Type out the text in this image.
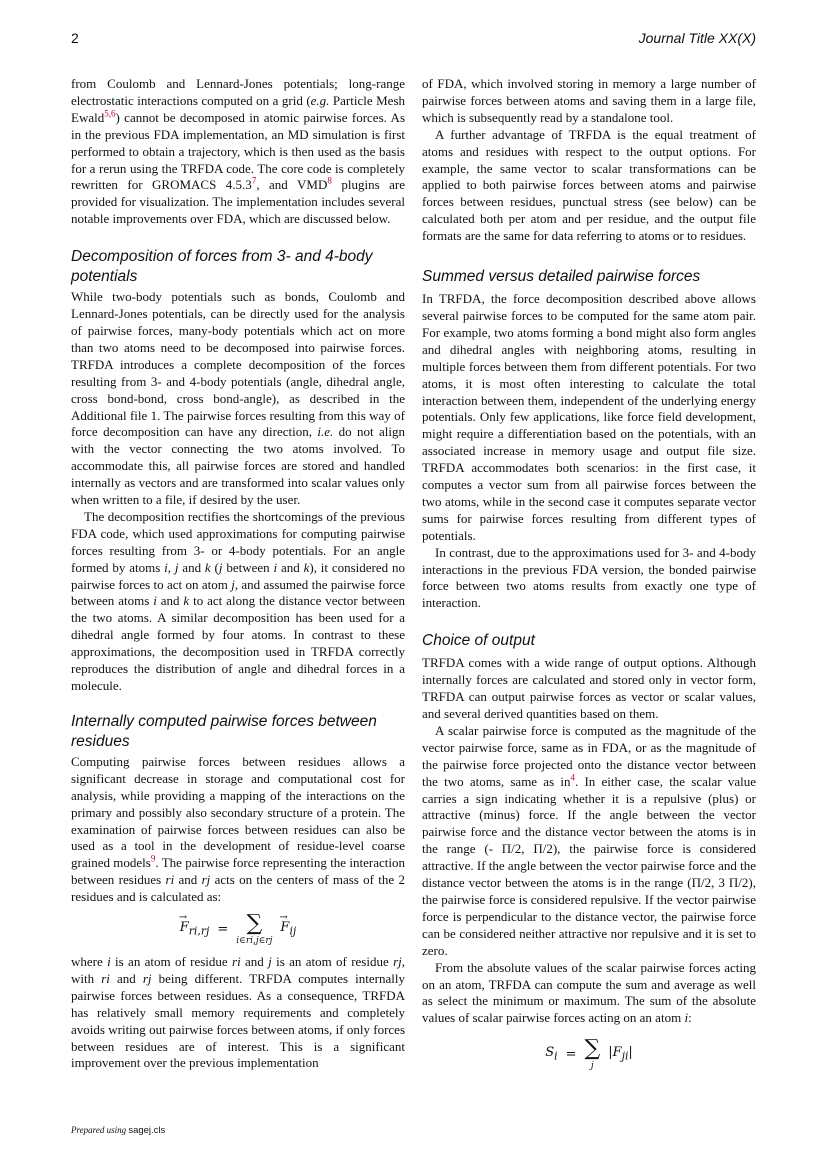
2	Journal Title XX(X)

from Coulomb and Lennard-Jones potentials; long-range electrostatic interactions computed on a grid (e.g. Particle Mesh Ewald$^{5,6}$) cannot be decomposed in atomic pairwise forces. As in the previous FDA implementation, an MD simulation is first performed to obtain a trajectory, which is then used as the basis for a rerun using the TRFDA code. The core code is completely rewritten for GROMACS 4.5.3$^7$, and VMD$^8$ plugins are provided for visualization. The implementation includes several notable improvements over FDA, which are discussed below.

Decomposition of forces from 3- and 4-body potentials

While two-body potentials such as bonds, Coulomb and Lennard-Jones potentials, can be directly used for the analysis of pairwise forces, many-body potentials which act on more than two atoms need to be decomposed into pairwise forces. TRFDA introduces a complete decomposition of the forces resulting from 3- and 4-body potentials (angle, dihedral angle, cross bond-bond, cross bond-angle), as described in the Additional file 1. The pairwise forces resulting from this way of force decomposition can have any direction, i.e. do not align with the vector connecting the two atoms involved. To accommodate this, all pairwise forces are stored and handled internally as vectors and are transformed into scalar values only when written to a file, if desired by the user.

The decomposition rectifies the shortcomings of the previous FDA code, which used approximations for computing pairwise forces resulting from 3- or 4-body potentials. For an angle formed by atoms i, j and k (j between i and k), it considered no pairwise forces to act on atom j, and assumed the pairwise force between atoms i and k to act along the distance vector between the two atoms. A similar decomposition has been used for a dihedral angle formed by four atoms. In contrast to these approximations, the decomposition used in TRFDA correctly reproduces the distribution of angle and dihedral forces in a molecule.

Internally computed pairwise forces between residues

Computing pairwise forces between residues allows a significant decrease in storage and computational cost for analysis, while providing a mapping of the interactions on the primary and possibly also secondary structure of a protein. The examination of pairwise forces between residues can also be used as a tool in the development of residue-level coarse grained models$^9$. The pairwise force representing the interaction between residues ri and rj acts on the centers of mass of the 2 residues and is calculated as:

→ $F_{ri,rj}$	=	∑
i∈ri,j∈rj
	→ $F_{ij}$

where i is an atom of residue ri and j is an atom of residue rj, with ri and rj being different. TRFDA computes internally pairwise forces between residues. As a consequence, TRFDA has relatively small memory requirements and completely avoids writing out pairwise forces between atoms, if only forces between residues are of interest. This is a significant improvement over the previous implementation

of FDA, which involved storing in memory a large number of pairwise forces between atoms and saving them in a large file, which is subsequently read by a standalone tool.

A further advantage of TRFDA is the equal treatment of atoms and residues with respect to the output options. For example, the same vector to scalar transformations can be applied to both pairwise forces between atoms and pairwise forces between residues, punctual stress (see below) can be calculated both per atom and per residue, and the output file formats are the same for data referring to atoms or to residues.

Summed versus detailed pairwise forces

In TRFDA, the force decomposition described above allows several pairwise forces to be computed for the same atom pair. For example, two atoms forming a bond might also form angles and dihedral angles with neighboring atoms, resulting in multiple forces between them from different potentials. For two atoms, it is most often interesting to calculate the total interaction between them, independent of the underlying energy potentials. Only few applications, like force field development, might require a differentiation based on the potentials, with an associated increase in memory usage and output file size. TRFDA accommodates both scenarios: in the first case, it computes a vector sum from all pairwise forces between the two atoms, while in the second case it computes separate vector sums for pairwise forces resulting from different types of potentials.

In contrast, due to the approximations used for 3- and 4-body interactions in the previous FDA version, the bonded pairwise force between two atoms results from exactly one type of interaction.

Choice of output

TRFDA comes with a wide range of output options. Although internally forces are calculated and stored only in vector form, TRFDA can output pairwise forces as vector or scalar values, and several derived quantities based on them.

A scalar pairwise force is computed as the magnitude of the vector pairwise force, same as in FDA, or as the magnitude of the pairwise force projected onto the distance vector between the two atoms, same as in$^4$. In either case, the scalar value carries a sign indicating whether it is a repulsive (plus) or attractive (minus) force. If the angle between the vector pairwise force and the distance vector between the atoms is in the range (- Π/2, Π/2), the pairwise force is considered attractive. If the angle between the vector pairwise force and the distance vector between the atoms is in the range (Π/2, 3 Π/2), the pairwise force is considered repulsive. If the vector pairwise force is perpendicular to the distance vector, the pairwise force can be considered neither attractive nor repulsive and it is set to zero.

From the absolute values of the scalar pairwise forces acting on an atom, TRFDA can compute the sum and average as well as select the minimum or maximum. The sum of the absolute values of scalar pairwise forces acting on an atom i:

$S_i$	=	∑
j
	$|F_{ji}|$
Prepared using sagej.cls
